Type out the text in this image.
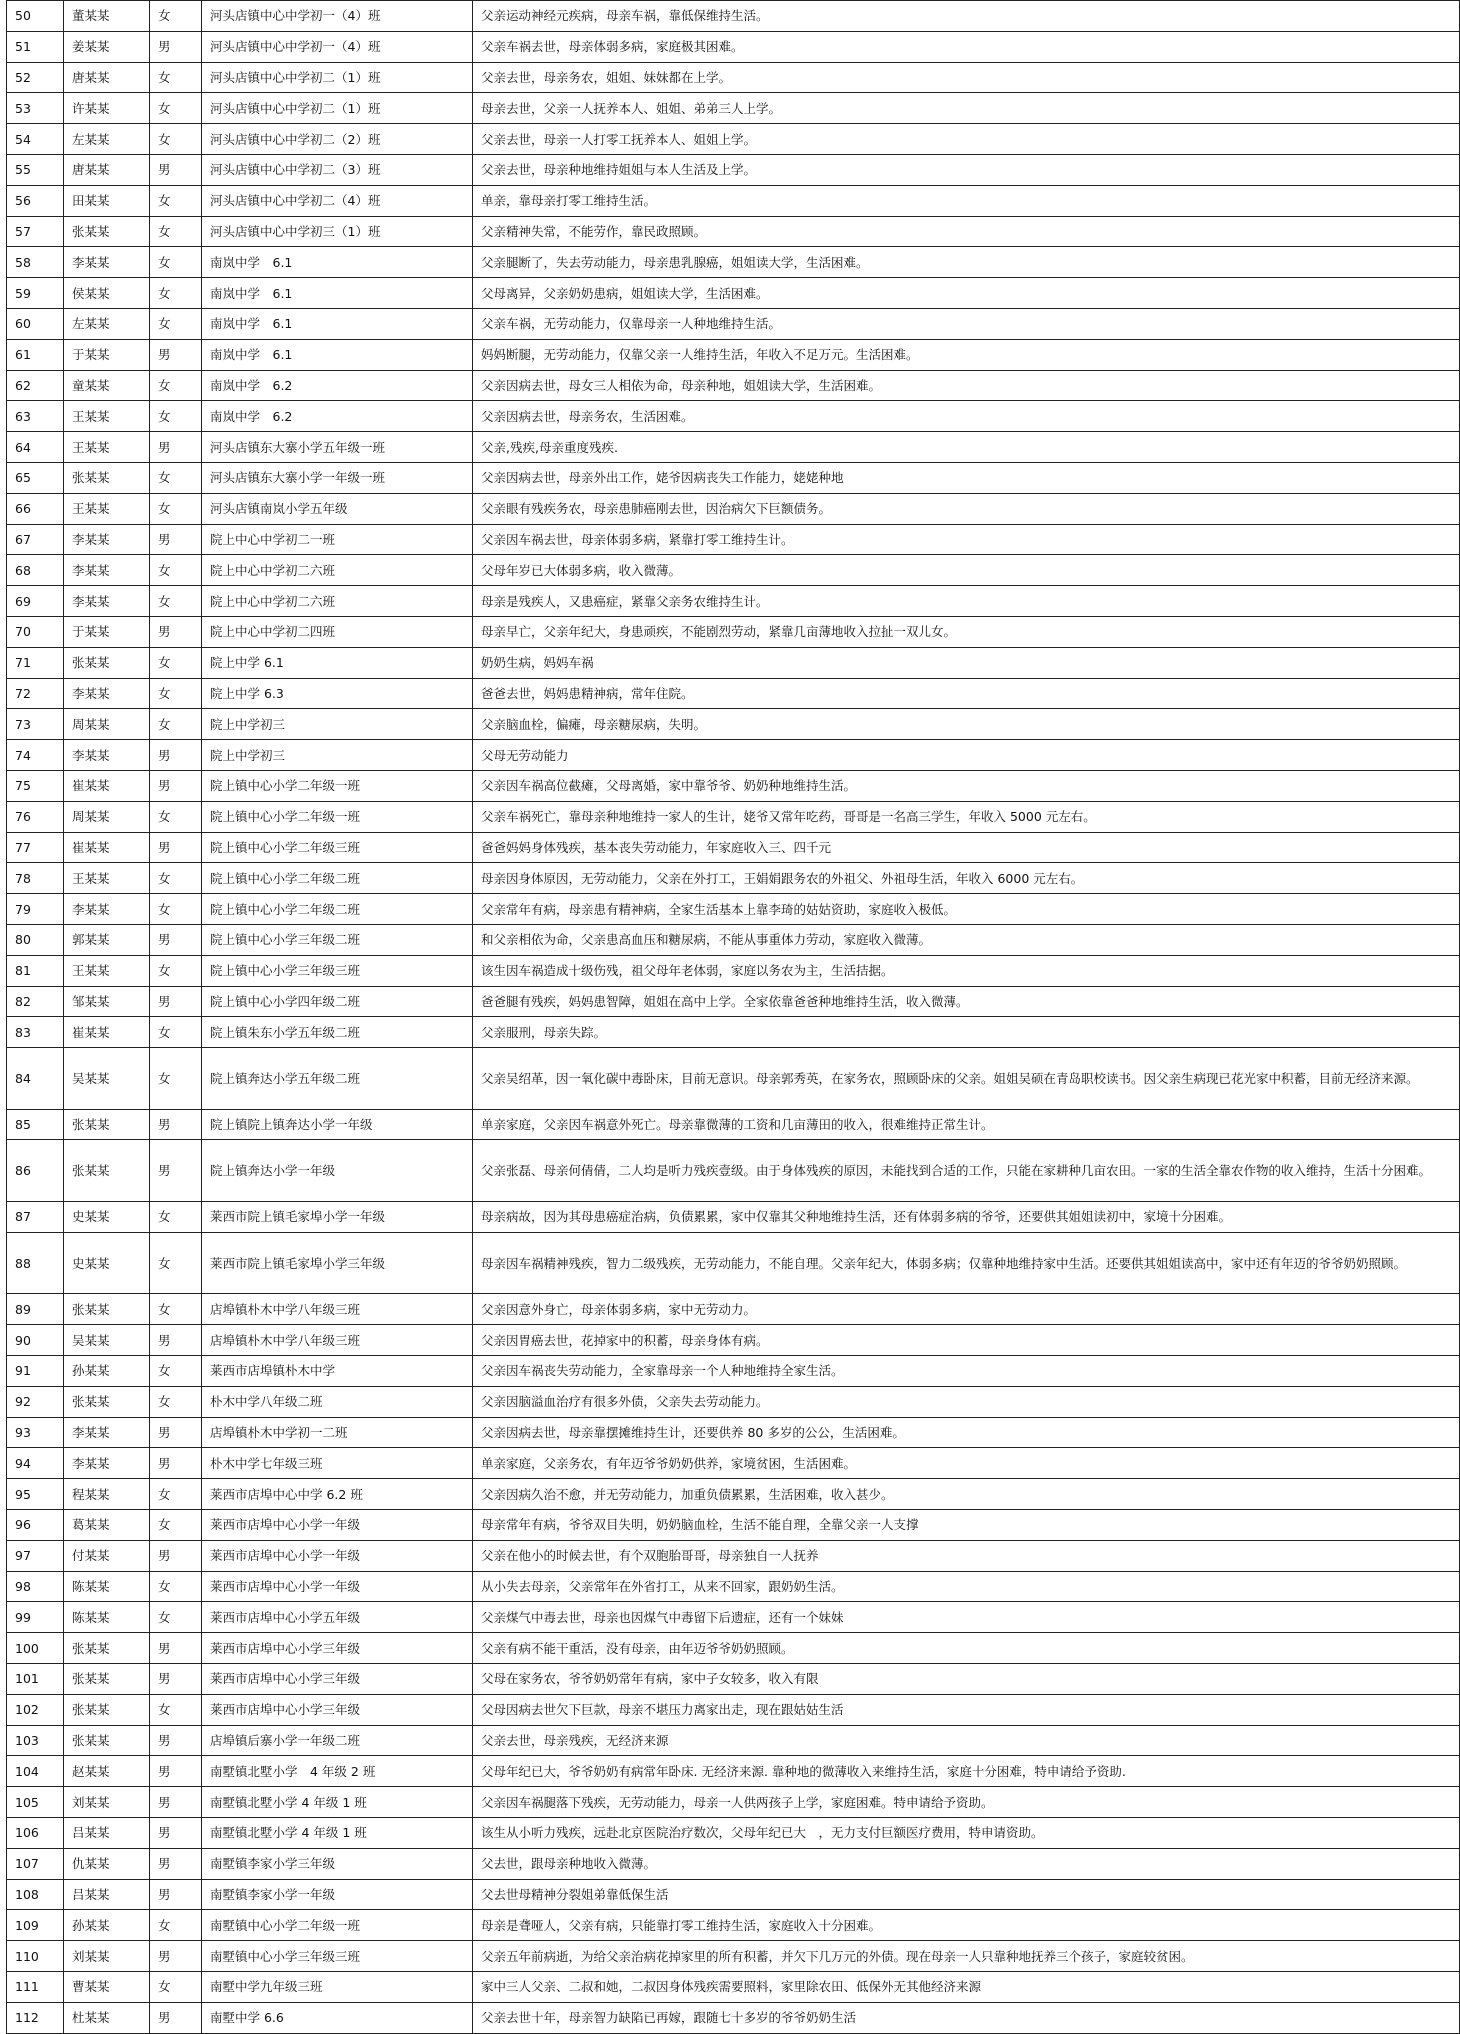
50	董某某	女	河头店镇中心中学初一（4）班	父亲运动神经元疾病，母亲车祸，靠低保维持生活。
51	姜某某	男	河头店镇中心中学初一（4）班	父亲车祸去世，母亲体弱多病，家庭极其困难。
52	唐某某	女	河头店镇中心中学初二（1）班	父亲去世，母亲务农，姐姐、妹妹都在上学。
53	许某某	女	河头店镇中心中学初二（1）班	母亲去世，父亲一人抚养本人、姐姐、弟弟三人上学。
54	左某某	女	河头店镇中心中学初二（2）班	父亲去世，母亲一人打零工抚养本人、姐姐上学。
55	唐某某	男	河头店镇中心中学初二（3）班	父亲去世，母亲种地维持姐姐与本人生活及上学。
56	田某某	女	河头店镇中心中学初二（4）班	单亲，靠母亲打零工维持生活。
57	张某某	女	河头店镇中心中学初三（1）班	父亲精神失常，不能劳作，靠民政照顾。
58	李某某	女	南岚中学　6.1	父亲腿断了，失去劳动能力，母亲患乳腺癌，姐姐读大学，生活困难。
59	侯某某	女	南岚中学　6.1	父母离异，父亲奶奶患病，姐姐读大学，生活困难。
60	左某某	女	南岚中学　6.1	父亲车祸，无劳动能力，仅靠母亲一人种地维持生活。
61	于某某	男	南岚中学　6.1	妈妈断腿，无劳动能力，仅靠父亲一人维持生活，年收入不足万元。生活困难。
62	童某某	女	南岚中学　6.2	父亲因病去世，母女三人相依为命，母亲种地，姐姐读大学，生活困难。
63	王某某	女	南岚中学　6.2	父亲因病去世，母亲务农，生活困难。
64	王某某	男	河头店镇东大寨小学五年级一班	父亲,残疾,母亲重度残疾.
65	张某某	女	河头店镇东大寨小学一年级一班	父亲因病去世，母亲外出工作，姥爷因病丧失工作能力，姥姥种地
66	王某某	女	河头店镇南岚小学五年级	父亲眼有残疾务农，母亲患肺癌刚去世，因治病欠下巨额债务。
67	李某某	男	院上中心中学初二一班	父亲因车祸去世，母亲体弱多病，紧靠打零工维持生计。
68	李某某	女	院上中心中学初二六班	父母年岁已大体弱多病，收入微薄。
69	李某某	女	院上中心中学初二六班	母亲是残疾人，又患癌症，紧靠父亲务农维持生计。
70	于某某	男	院上中心中学初二四班	母亲早亡，父亲年纪大，身患顽疾，不能剧烈劳动，紧靠几亩薄地收入拉扯一双儿女。
71	张某某	女	院上中学 6.1	奶奶生病，妈妈车祸
72	李某某	女	院上中学 6.3	爸爸去世，妈妈患精神病，常年住院。
73	周某某	女	院上中学初三	父亲脑血栓，偏瘫，母亲糖尿病，失明。
74	李某某	男	院上中学初三	父母无劳动能力
75	崔某某	男	院上镇中心小学二年级一班	父亲因车祸高位截瘫，父母离婚，家中靠爷爷、奶奶种地维持生活。
76	周某某	女	院上镇中心小学二年级一班	父亲车祸死亡，靠母亲种地维持一家人的生计，姥爷又常年吃药，哥哥是一名高三学生，年收入 5000 元左右。
77	崔某某	男	院上镇中心小学二年级三班	爸爸妈妈身体残疾，基本丧失劳动能力，年家庭收入三、四千元
78	王某某	女	院上镇中心小学二年级二班	母亲因身体原因，无劳动能力，父亲在外打工，王娟娟跟务农的外祖父、外祖母生活，年收入 6000 元左右。
79	李某某	女	院上镇中心小学二年级二班	父亲常年有病，母亲患有精神病，全家生活基本上靠李琦的姑姑资助，家庭收入极低。
80	郭某某	男	院上镇中心小学三年级二班	和父亲相依为命，父亲患高血压和糖尿病，不能从事重体力劳动，家庭收入微薄。
81	王某某	女	院上镇中心小学三年级三班	该生因车祸造成十级伤残，祖父母年老体弱，家庭以务农为主，生活拮据。
82	邹某某	男	院上镇中心小学四年级二班	爸爸腿有残疾，妈妈患智障，姐姐在高中上学。全家依靠爸爸种地维持生活，收入微薄。
83	崔某某	女	院上镇朱东小学五年级二班	父亲服刑，母亲失踪。
84	吴某某	女	院上镇奔达小学五年级二班	父亲吴绍革，因一氧化碳中毒卧床，目前无意识。母亲郭秀英，在家务农，照顾卧床的父亲。姐姐吴硕在青岛职校读书。因父亲生病现已花光家中积蓄，目前无经济来源。
85	张某某	男	院上镇院上镇奔达小学一年级	单亲家庭，父亲因车祸意外死亡。母亲靠微薄的工资和几亩薄田的收入，很难维持正常生计。
86	张某某	男	院上镇奔达小学一年级	父亲张磊、母亲何倩倩，二人均是听力残疾壹级。由于身体残疾的原因，未能找到合适的工作，只能在家耕种几亩农田。一家的生活全靠农作物的收入维持，生活十分困难。
87	史某某	女	莱西市院上镇毛家埠小学一年级	母亲病故，因为其母患癌症治病，负债累累，家中仅靠其父种地维持生活，还有体弱多病的爷爷，还要供其姐姐读初中，家境十分困难。
88	史某某	女	莱西市院上镇毛家埠小学三年级	母亲因车祸精神残疾，智力二级残疾，无劳动能力，不能自理。父亲年纪大，体弱多病；仅靠种地维持家中生活。还要供其姐姐读高中，家中还有年迈的爷爷奶奶照顾。
89	张某某	女	店埠镇朴木中学八年级三班	父亲因意外身亡，母亲体弱多病，家中无劳动力。
90	吴某某	男	店埠镇朴木中学八年级三班	父亲因胃癌去世，花掉家中的积蓄，母亲身体有病。
91	孙某某	女	莱西市店埠镇朴木中学	父亲因车祸丧失劳动能力，全家靠母亲一个人种地维持全家生活。
92	张某某	女	朴木中学八年级二班	父亲因脑溢血治疗有很多外债，父亲失去劳动能力。
93	李某某	男	店埠镇朴木中学初一二班	父亲因病去世，母亲靠摆摊维持生计，还要供养 80 多岁的公公，生活困难。
94	李某某	男	朴木中学七年级三班	单亲家庭，父亲务农，有年迈爷爷奶奶供养，家境贫困，生活困难。
95	程某某	女	莱西市店埠中心中学 6.2 班	父亲因病久治不愈，并无劳动能力，加重负债累累，生活困难，收入甚少。
96	葛某某	女	莱西市店埠中心小学一年级	母亲常年有病，爷爷双目失明，奶奶脑血栓，生活不能自理，全靠父亲一人支撑
97	付某某	男	莱西市店埠中心小学一年级	父亲在他小的时候去世，有个双胞胎哥哥，母亲独自一人抚养
98	陈某某	女	莱西市店埠中心小学一年级	从小失去母亲，父亲常年在外省打工，从来不回家，跟奶奶生活。
99	陈某某	女	莱西市店埠中心小学五年级	父亲煤气中毒去世，母亲也因煤气中毒留下后遗症，还有一个妹妹
100	张某某	男	莱西市店埠中心小学三年级	父亲有病不能干重活，没有母亲，由年迈爷爷奶奶照顾。
101	张某某	男	莱西市店埠中心小学三年级	父母在家务农，爷爷奶奶常年有病，家中子女较多，收入有限
102	张某某	女	莱西市店埠中心小学三年级	父母因病去世欠下巨款，母亲不堪压力离家出走，现在跟姑姑生活
103	张某某	男	店埠镇后寨小学一年级二班	父亲去世，母亲残疾，无经济来源
104	赵某某	男	南墅镇北墅小学　4 年级 2 班	父母年纪已大，爷爷奶奶有病常年卧床. 无经济来源. 靠种地的微薄收入来维持生活，家庭十分困难，特申请给予资助.
105	刘某某	男	南墅镇北墅小学 4 年级 1 班	父亲因车祸腿落下残疾，无劳动能力，母亲一人供两孩子上学，家庭困难。特申请给予资助。
106	吕某某	男	南墅镇北墅小学 4 年级 1 班	该生从小听力残疾，远赴北京医院治疗数次，父母年纪已大　，无力支付巨额医疗费用，特申请资助。
107	仇某某	男	南墅镇李家小学三年级	父去世，跟母亲种地收入微薄。
108	吕某某	男	南墅镇李家小学一年级	父去世母精神分裂姐弟靠低保生活
109	孙某某	女	南墅镇中心小学二年级一班	母亲是聋哑人，父亲有病，只能靠打零工维持生活，家庭收入十分困难。
110	刘某某	男	南墅镇中心小学三年级三班	父亲五年前病逝，为给父亲治病花掉家里的所有积蓄，并欠下几万元的外债。现在母亲一人只靠种地抚养三个孩子，家庭较贫困。
111	曹某某	女	南墅中学九年级三班	家中三人父亲、二叔和她，二叔因身体残疾需要照料，家里除农田、低保外无其他经济来源
112	杜某某	男	南墅中学 6.6	父亲去世十年，母亲智力缺陷已再嫁，跟随七十多岁的爷爷奶奶生活
